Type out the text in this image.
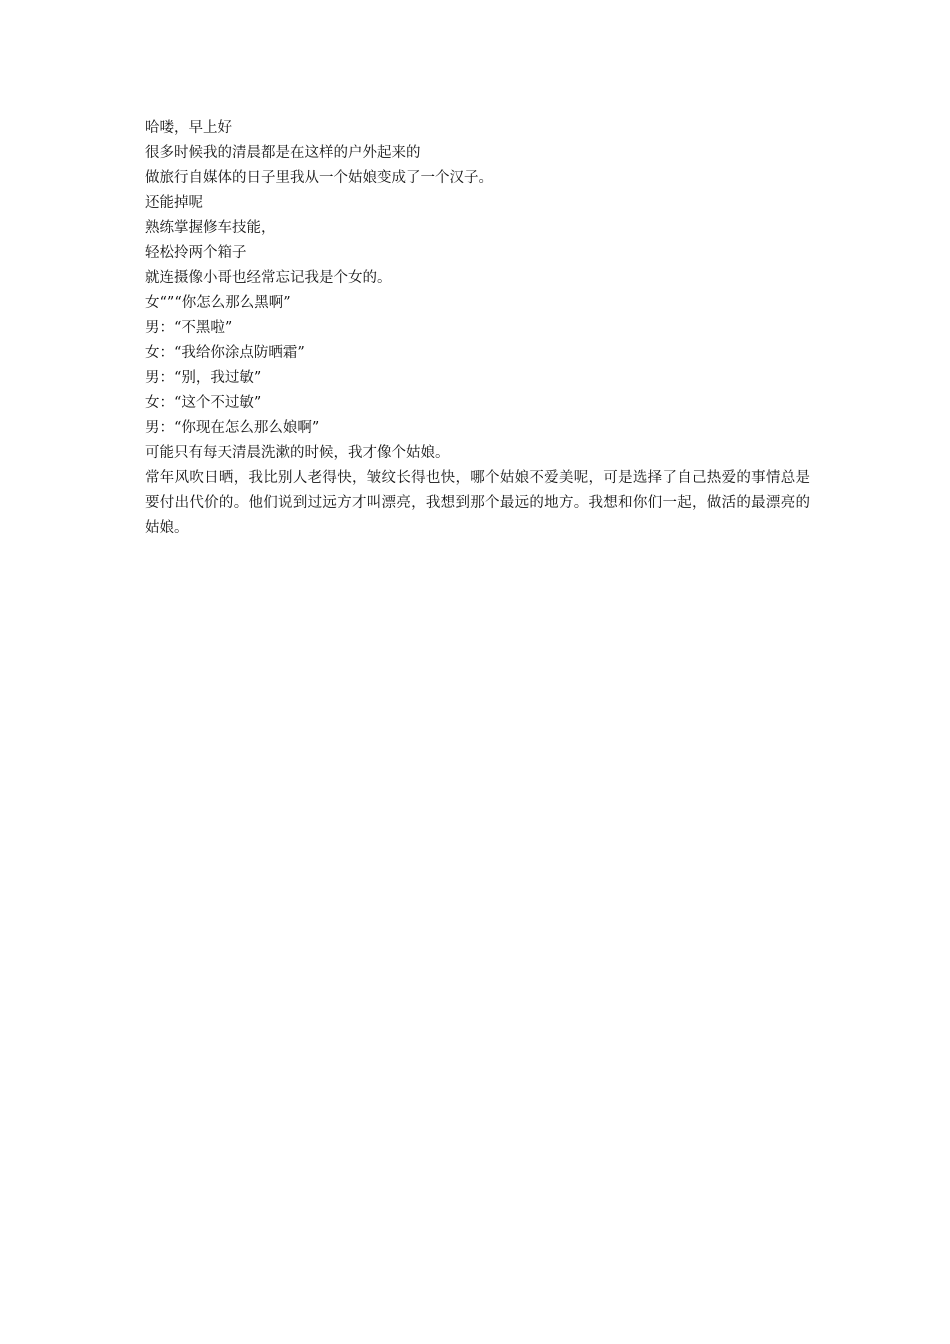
哈喽，早上好

很多时候我的清晨都是在这样的户外起来的

做旅行自媒体的日子里我从一个姑娘变成了一个汉子。

还能掉呢

熟练掌握修车技能，

轻松拎两个箱子

就连摄像小哥也经常忘记我是个女的。

女“”“你怎么那么黑啊”

男：“不黑啦”

女：“我给你涂点防晒霜”

男：“别，我过敏”

女：“这个不过敏”

男：“你现在怎么那么娘啊”

可能只有每天清晨洗漱的时候，我才像个姑娘。

常年风吹日晒，我比别人老得快，皱纹长得也快，哪个姑娘不爱美呢，可是选择了自己热爱的事情总是要付出代价的。他们说到过远方才叫漂亮，我想到那个最远的地方。我想和你们一起，做活的最漂亮的姑娘。
